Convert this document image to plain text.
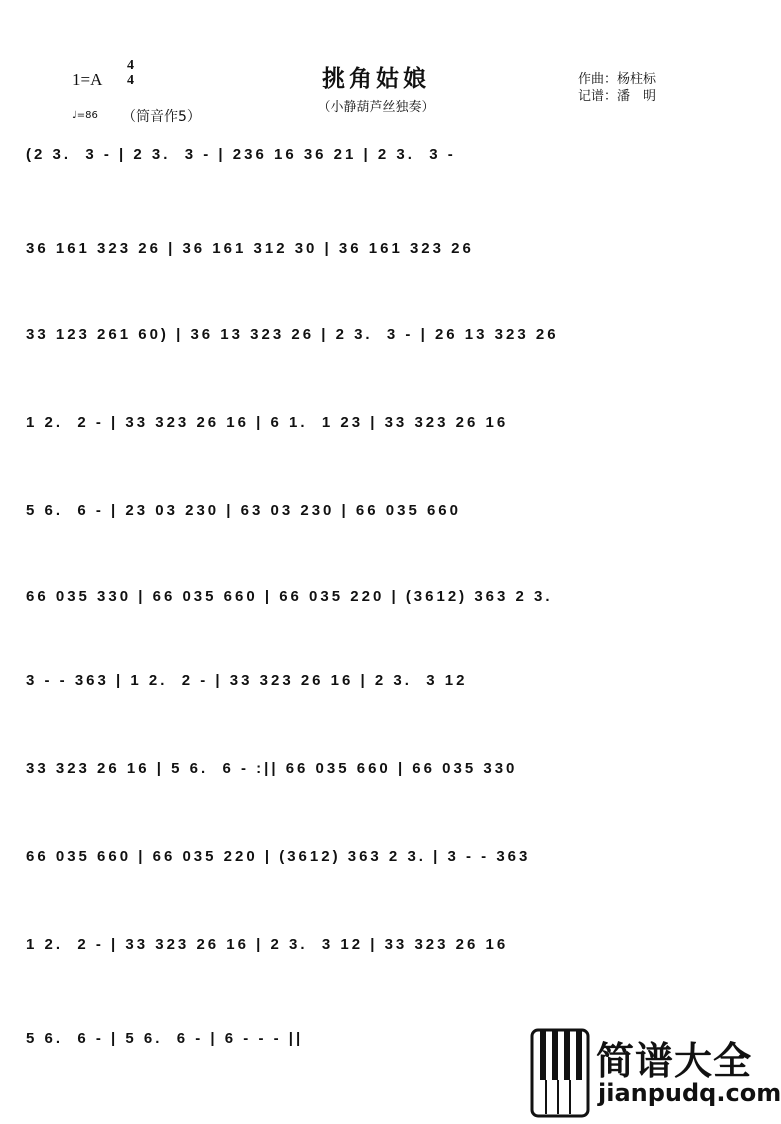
1=A
4
4
♩=86 （筒音作5）
挑角姑娘
（小静葫芦丝独奏）
作曲：杨柱标
记谱：潘　明
(2 3.  3 - | 2 3.  3 - | 236 16 36 21 | 2 3.  3 -
36 161 323 26 | 36 161 312 30 | 36 161 323 26
33 123 261 60) | 36 13 323 26 | 2 3.  3 - | 26 13 323 26
1 2.  2 - | 33 323 26 16 | 6 1.  1 23 | 33 323 26 16
5 6.  6 - | 23 03 230 | 63 03 230 | 66 035 660
66 035 330 | 66 035 660 | 66 035 220 | (3612) 363 2 3.
3 - - 363 | 1 2.  2 - | 33 323 26 16 | 2 3.  3 12
33 323 26 16 | 5 6.  6 - :|| 66 035 660 | 66 035 330
66 035 660 | 66 035 220 | (3612) 363 2 3. | 3 - - 363
1 2.  2 - | 33 323 26 16 | 2 3.  3 12 | 33 323 26 16
5 6.  6 - | 5 6.  6 - | 6 - - - ||
简谱大全
jianpudq.com
